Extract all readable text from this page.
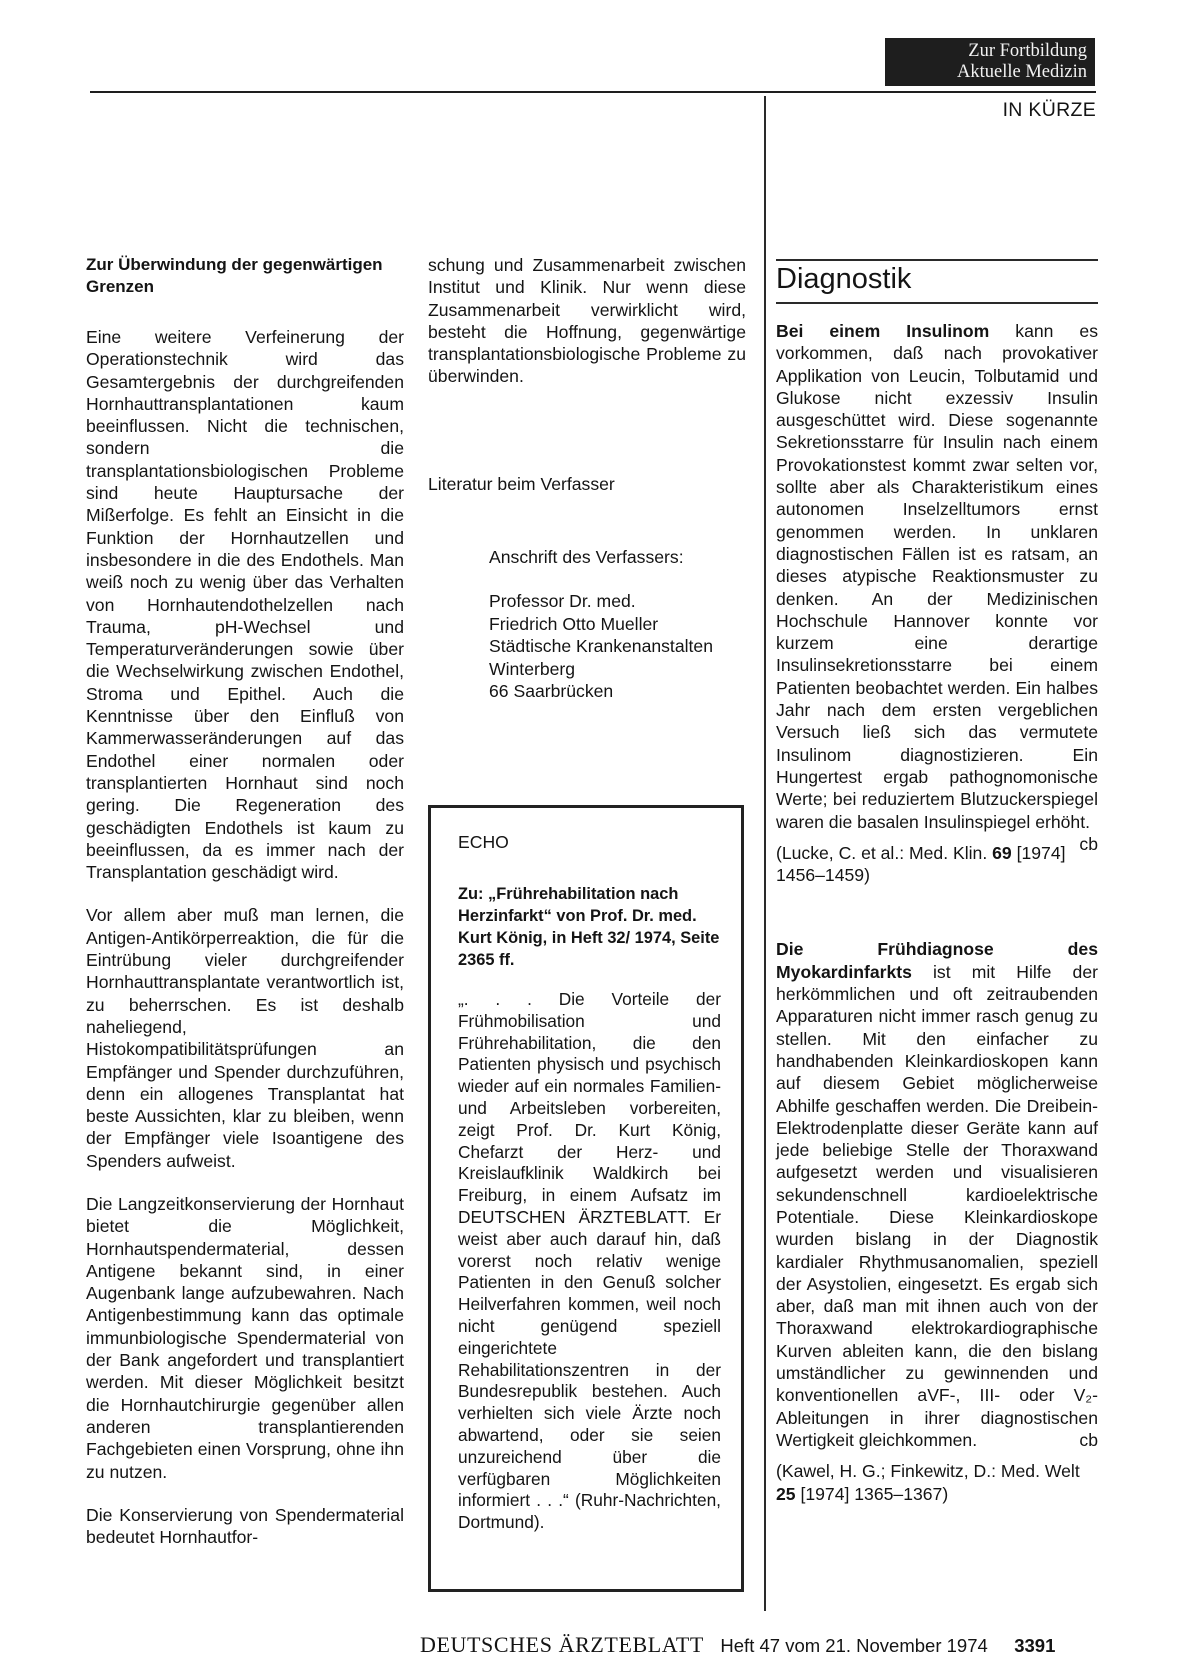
Zur Fortbildung
Aktuelle Medizin
IN KÜRZE

Zur Überwindung der gegenwärtigen Grenzen

Eine weitere Verfeinerung der Operationstechnik wird das Gesamtergebnis der durchgreifenden Hornhauttransplantationen kaum beeinflussen. Nicht die technischen, sondern die transplantationsbiologischen Probleme sind heute Hauptursache der Mißerfolge. Es fehlt an Einsicht in die Funktion der Hornhautzellen und insbesondere in die des Endothels. Man weiß noch zu wenig über das Verhalten von Hornhautendothelzellen nach Trauma, pH-Wechsel und Temperaturveränderungen sowie über die Wechselwirkung zwischen Endothel, Stroma und Epithel. Auch die Kenntnisse über den Einfluß von Kammerwasseränderungen auf das Endothel einer normalen oder transplantierten Hornhaut sind noch gering. Die Regeneration des geschädigten Endothels ist kaum zu beeinflussen, da es immer nach der Transplantation geschädigt wird.

Vor allem aber muß man lernen, die Antigen-Antikörperreaktion, die für die Eintrübung vieler durchgreifender Hornhauttransplantate verantwortlich ist, zu beherrschen. Es ist deshalb naheliegend, Histokompatibilitätsprüfungen an Empfänger und Spender durchzuführen, denn ein allogenes Transplantat hat beste Aussichten, klar zu bleiben, wenn der Empfänger viele Isoantigene des Spenders aufweist.

Die Langzeitkonservierung der Hornhaut bietet die Möglichkeit, Hornhautspendermaterial, dessen Antigene bekannt sind, in einer Augenbank lange aufzubewahren. Nach Antigenbestimmung kann das optimale immunbiologische Spendermaterial von der Bank angefordert und transplantiert werden. Mit dieser Möglichkeit besitzt die Hornhautchirurgie gegenüber allen anderen transplantierenden Fachgebieten einen Vorsprung, ohne ihn zu nutzen.

Die Konservierung von Spendermaterial bedeutet Hornhautfor-

schung und Zusammenarbeit zwischen Institut und Klinik. Nur wenn diese Zusammenarbeit verwirklicht wird, besteht die Hoffnung, gegenwärtige transplantationsbiologische Probleme zu überwinden.

Literatur beim Verfasser
Anschrift des Verfassers:
Professor Dr. med.
Friedrich Otto Mueller
Städtische Krankenanstalten
Winterberg
66 Saarbrücken
ECHO
Zu: „Frührehabilitation nach Herzinfarkt“ von Prof. Dr. med. Kurt König, in Heft 32/ 1974, Seite 2365 ff.
„. . . Die Vorteile der Frühmobilisation und Frührehabilitation, die den Patienten physisch und psychisch wieder auf ein normales Familien- und Arbeitsleben vorbereiten, zeigt Prof. Dr. Kurt König, Chefarzt der Herz- und Kreislaufklinik Waldkirch bei Freiburg, in einem Aufsatz im DEUTSCHEN ÄRZTEBLATT. Er weist aber auch darauf hin, daß vorerst noch relativ wenige Patienten in den Genuß solcher Heilverfahren kommen, weil noch nicht genügend speziell eingerichtete Rehabilitationszentren in der Bundesrepublik bestehen. Auch verhielten sich viele Ärzte noch abwartend, oder sie seien unzureichend über die verfügbaren Möglichkeiten informiert . . .“ (Ruhr-Nachrichten, Dortmund).
Diagnostik

Bei einem Insulinom kann es vorkommen, daß nach provokativer Applikation von Leucin, Tolbutamid und Glukose nicht exzessiv Insulin ausgeschüttet wird. Diese sogenannte Sekretionsstarre für Insulin nach einem Provokationstest kommt zwar selten vor, sollte aber als Charakteristikum eines autonomen Inselzelltumors ernst genommen werden. In unklaren diagnostischen Fällen ist es ratsam, an dieses atypische Reaktionsmuster zu denken. An der Medizinischen Hochschule Hannover konnte vor kurzem eine derartige Insulinsekretionsstarre bei einem Patienten beobachtet werden. Ein halbes Jahr nach dem ersten vergeblichen Versuch ließ sich das vermutete Insulinom diagnostizieren. Ein Hungertest ergab pathognomonische Werte; bei reduziertem Blutzuckerspiegel waren die basalen Insulinspiegel erhöht.
cb

(Lucke, C. et al.: Med. Klin. 69 [1974] 1456–1459)

Die Frühdiagnose des Myokardinfarkts ist mit Hilfe der herkömmlichen und oft zeitraubenden Apparaturen nicht immer rasch genug zu stellen. Mit den einfacher zu handhabenden Kleinkardioskopen kann auf diesem Gebiet möglicherweise Abhilfe geschaffen werden. Die Dreibein-Elektrodenplatte dieser Geräte kann auf jede beliebige Stelle der Thoraxwand aufgesetzt werden und visualisieren sekundenschnell kardioelektrische Potentiale. Diese Kleinkardioskope wurden bislang in der Diagnostik kardialer Rhythmusanomalien, speziell der Asystolien, eingesetzt. Es ergab sich aber, daß man mit ihnen auch von der Thoraxwand elektrokardiographische Kurven ableiten kann, die den bislang umständlicher zu gewinnenden und konventionellen aVF-, III- oder V₂-Ableitungen in ihrer diagnostischen Wertigkeit gleichkommen.	cb

(Kawel, H. G.; Finkewitz, D.: Med. Welt 25 [1974] 1365–1367)

DEUTSCHES ÄRZTEBLATT Heft 47 vom 21. November 1974 3391
